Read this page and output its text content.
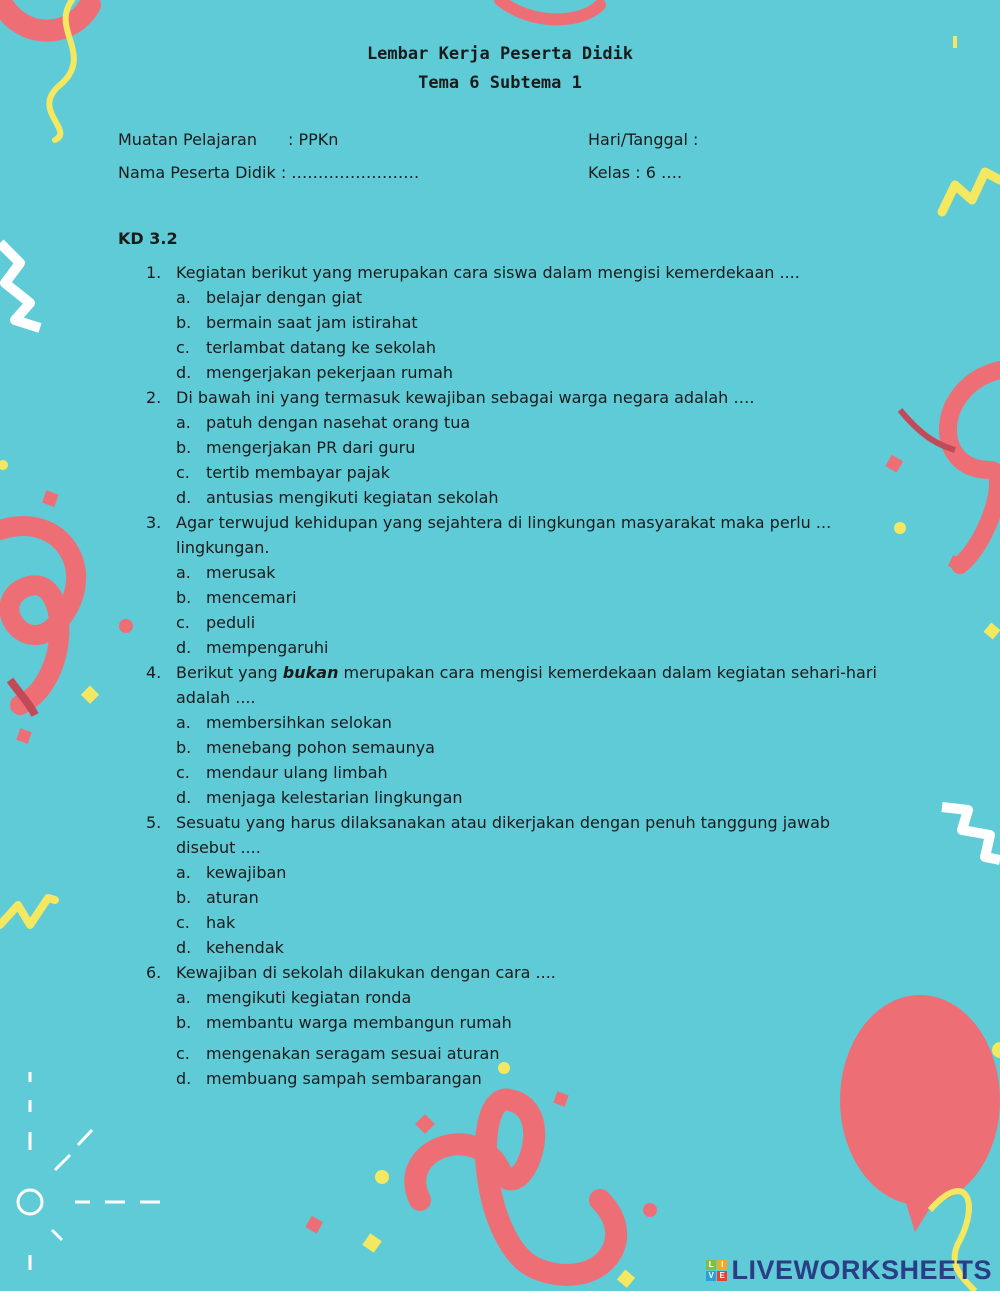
Lembar Kerja Peserta Didik
Tema 6 Subtema 1
Muatan Pelajaran : PPKn
Nama Peserta Didik : ……………………
Hari/Tanggal :
Kelas : 6 ….
KD 3.2
1. Kegiatan berikut yang merupakan cara siswa dalam mengisi kemerdekaan ....
a. belajar dengan giat
b. bermain saat jam istirahat
c.	terlambat datang ke sekolah
d. mengerjakan pekerjaan rumah
2. Di bawah ini yang termasuk kewajiban sebagai warga negara adalah ….
a. patuh dengan nasehat orang tua
b. mengerjakan PR dari guru
c.	tertib membayar pajak
d. antusias mengikuti kegiatan sekolah
3. Agar terwujud kehidupan yang sejahtera di lingkungan masyarakat maka perlu ... lingkungan.
a. merusak
b. mencemari
c.	peduli
d. mempengaruhi
4. Berikut yang bukan merupakan cara mengisi kemerdekaan dalam kegiatan sehari-hari adalah ....
a. membersihkan selokan
b. menebang pohon semaunya
c.	mendaur ulang limbah
d. menjaga kelestarian lingkungan
5. Sesuatu yang harus dilaksanakan atau dikerjakan dengan penuh tanggung jawab disebut ....
a. kewajiban
b. aturan
c.	hak
d. kehendak
6. Kewajiban di sekolah dilakukan dengan cara ....
a. mengikuti kegiatan ronda
b. membantu warga membangun rumah
c.	mengenakan seragam sesuai aturan
d. membuang sampah sembarangan
L I
V E LIVEWORKSHEETS
